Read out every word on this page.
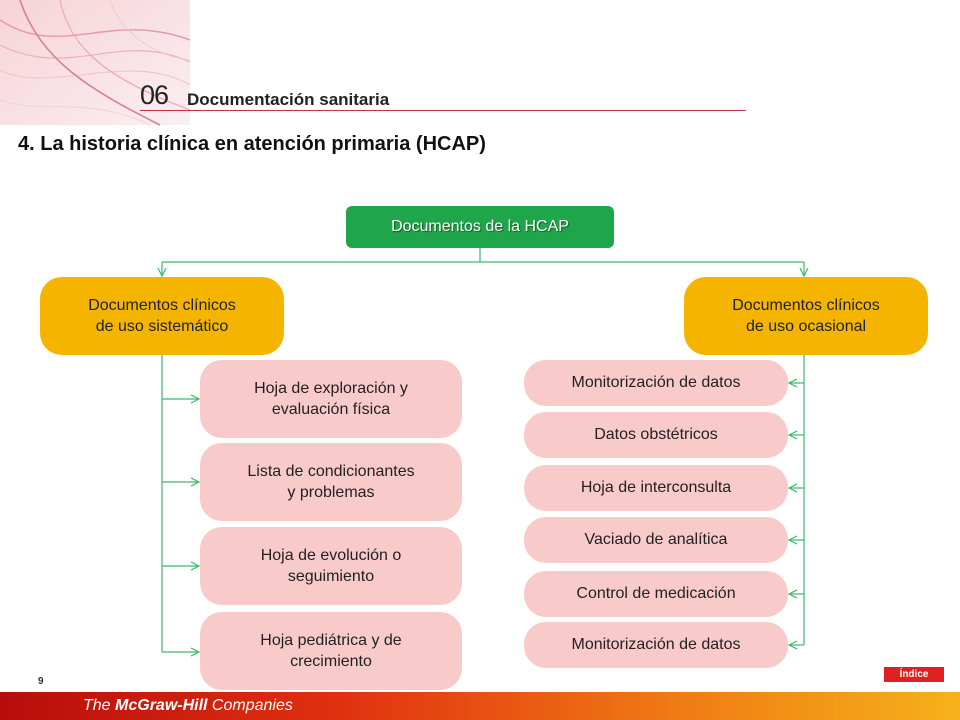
06 Documentación sanitaria
4. La historia clínica en atención primaria (HCAP)
Documentos de la HCAP
Documentos clínicos
de uso sistemático
Documentos clínicos
de uso ocasional
Hoja de exploración y
evaluación física
Lista de condicionantes
y problemas
Hoja de evolución o
seguimiento
Hoja pediátrica y de
crecimiento
Monitorización de datos
Datos obstétricos
Hoja de interconsulta
Vaciado de analítica
Control de medicación
Monitorización de datos
9
Índice
The McGraw-Hill Companies
